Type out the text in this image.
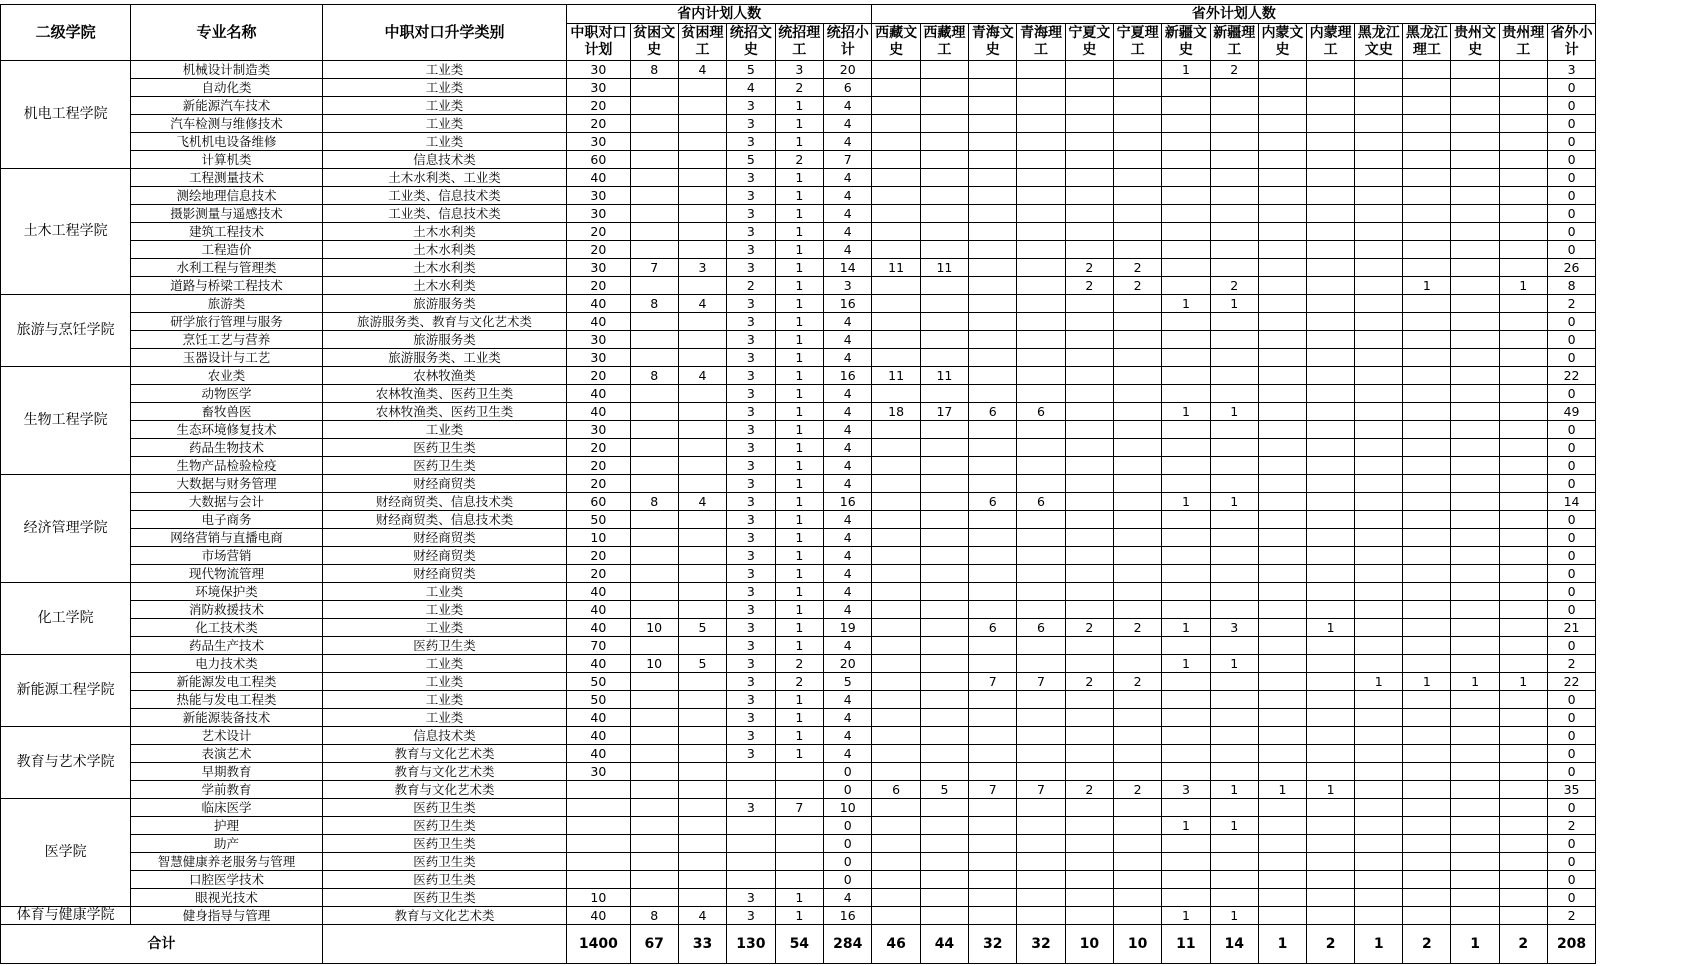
二级学院	专业名称	中职对口升学类别	省内计划人数						省外计划人数														
			中职对口计划	贫困文史	贫困理工	统招文史	统招理工	统招小计	西藏文史	西藏理工	青海文史	青海理工	宁夏文史	宁夏理工	新疆文史	新疆理工	内蒙文史	内蒙理工	黑龙江文史	黑龙江理工	贵州文史	贵州理工	省外小计
机电工程学院	机械设计制造类	工业类	30	8	4	5	3	20							1	2							3
	自动化类	工业类	30			4	2	6															0
	新能源汽车技术	工业类	20			3	1	4															0
	汽车检测与维修技术	工业类	20			3	1	4															0
	飞机机电设备维修	工业类	30			3	1	4															0
	计算机类	信息技术类	60			5	2	7															0
土木工程学院	工程测量技术	土木水利类、工业类	40			3	1	4															0
	测绘地理信息技术	工业类、信息技术类	30			3	1	4															0
	摄影测量与遥感技术	工业类、信息技术类	30			3	1	4															0
	建筑工程技术	土木水利类	20			3	1	4															0
	工程造价	土木水利类	20			3	1	4															0
	水利工程与管理类	土木水利类	30	7	3	3	1	14	11	11			2	2									26
	道路与桥梁工程技术	土木水利类	20			2	1	3					2	2		2				1		1	8
旅游与烹饪学院	旅游类	旅游服务类	40	8	4	3	1	16							1	1							2
	研学旅行管理与服务	旅游服务类、教育与文化艺术类	40			3	1	4															0
	烹饪工艺与营养	旅游服务类	30			3	1	4															0
	玉器设计与工艺	旅游服务类、工业类	30			3	1	4															0
生物工程学院	农业类	农林牧渔类	20	8	4	3	1	16	11	11													22
	动物医学	农林牧渔类、医药卫生类	40			3	1	4															0
	畜牧兽医	农林牧渔类、医药卫生类	40			3	1	4	18	17	6	6			1	1							49
	生态环境修复技术	工业类	30			3	1	4															0
	药品生物技术	医药卫生类	20			3	1	4															0
	生物产品检验检疫	医药卫生类	20			3	1	4															0
经济管理学院	大数据与财务管理	财经商贸类	20			3	1	4															0
	大数据与会计	财经商贸类、信息技术类	60	8	4	3	1	16			6	6			1	1							14
	电子商务	财经商贸类、信息技术类	50			3	1	4															0
	网络营销与直播电商	财经商贸类	10			3	1	4															0
	市场营销	财经商贸类	20			3	1	4															0
	现代物流管理	财经商贸类	20			3	1	4															0
化工学院	环境保护类	工业类	40			3	1	4															0
	消防救援技术	工业类	40			3	1	4															0
	化工技术类	工业类	40	10	5	3	1	19			6	6	2	2	1	3		1					21
	药品生产技术	医药卫生类	70			3	1	4															0
新能源工程学院	电力技术类	工业类	40	10	5	3	2	20							1	1							2
	新能源发电工程类	工业类	50			3	2	5			7	7	2	2					1	1	1	1	22
	热能与发电工程类	工业类	50			3	1	4															0
	新能源装备技术	工业类	40			3	1	4															0
教育与艺术学院	艺术设计	信息技术类	40			3	1	4															0
	表演艺术	教育与文化艺术类	40			3	1	4															0
	早期教育	教育与文化艺术类	30					0															0
	学前教育	教育与文化艺术类						0	6	5	7	7	2	2	3	1	1	1					35
医学院	临床医学	医药卫生类				3	7	10															0
	护理	医药卫生类						0							1	1							2
	助产	医药卫生类						0															0
	智慧健康养老服务与管理	医药卫生类						0															0
	口腔医学技术	医药卫生类						0															0
	眼视光技术	医药卫生类	10			3	1	4															0
体育与健康学院	健身指导与管理	教育与文化艺术类	40	8	4	3	1	16							1	1							2
合计			1400	67	33	130	54	284	46	44	32	32	10	10	11	14	1	2	1	2	1	2	208
